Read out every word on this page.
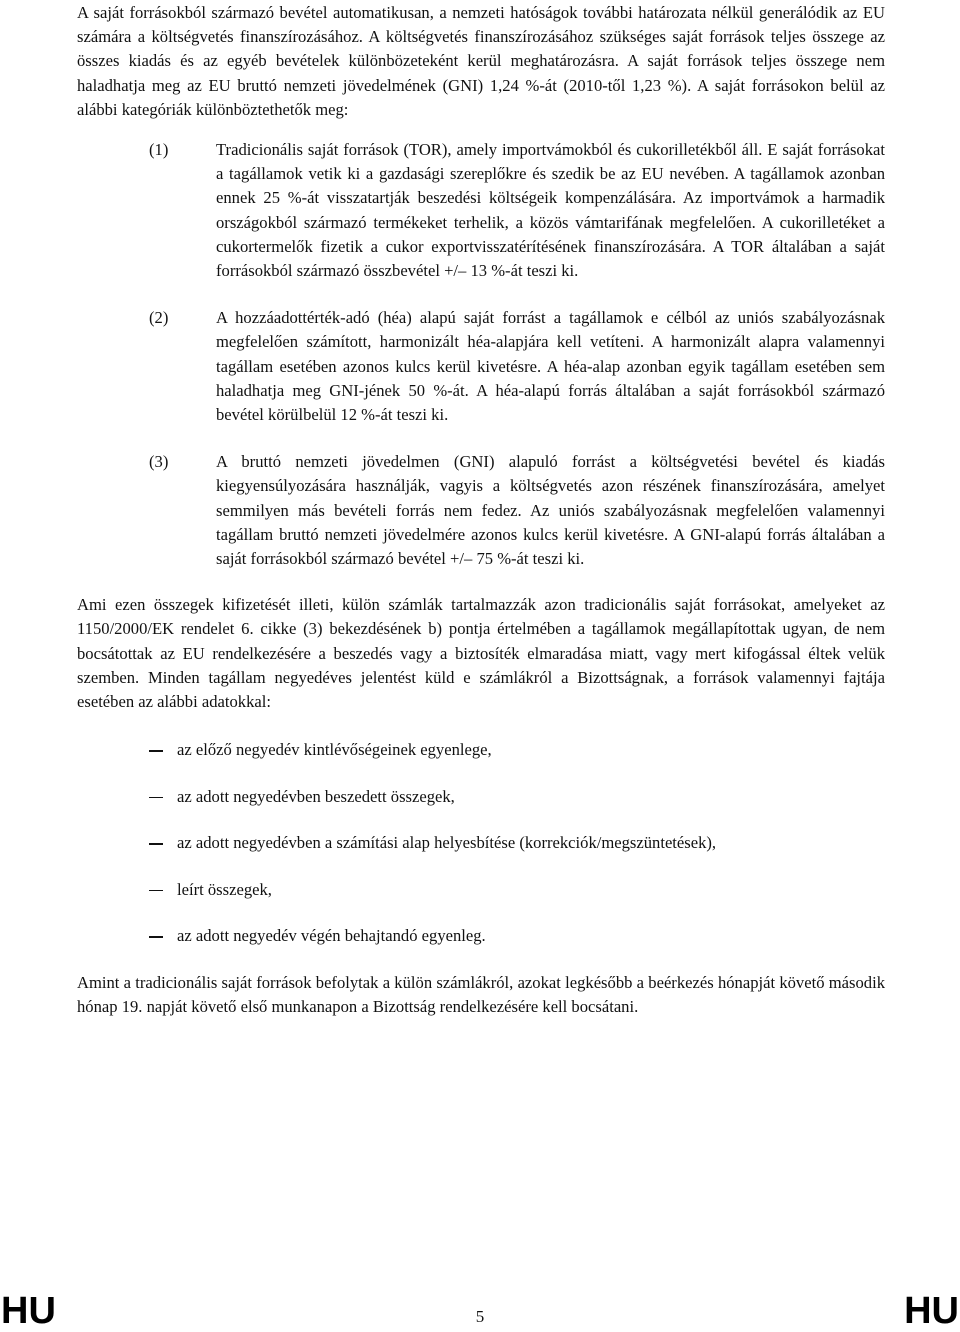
A saját forrásokból származó bevétel automatikusan, a nemzeti hatóságok további határozata nélkül generálódik az EU számára a költségvetés finanszírozásához. A költségvetés finanszírozásához szükséges saját források teljes összege az összes kiadás és az egyéb bevételek különbözeteként kerül meghatározásra. A saját források teljes összege nem haladhatja meg az EU bruttó nemzeti jövedelmének (GNI) 1,24 %-át (2010-től 1,23 %). A saját forrásokon belül az alábbi kategóriák különböztethetők meg:

(1)	Tradicionális saját források (TOR), amely importvámokból és cukorilletékből áll. E saját forrásokat a tagállamok vetik ki a gazdasági szereplőkre és szedik be az EU nevében. A tagállamok azonban ennek 25 %-át visszatartják beszedési költségeik kompenzálására. Az importvámok a harmadik országokból származó termékeket terhelik, a közös vámtarifának megfelelően. A cukorilletéket a cukortermelők fizetik a cukor exportvisszatérítésének finanszírozására. A TOR általában a saját forrásokból származó összbevétel +/– 13 %-át teszi ki.
(2)	A hozzáadottérték-adó (héa) alapú saját forrást a tagállamok e célból az uniós szabályozásnak megfelelően számított, harmonizált héa-alapjára kell vetíteni. A harmonizált alapra valamennyi tagállam esetében azonos kulcs kerül kivetésre. A héa-alap azonban egyik tagállam esetében sem haladhatja meg GNI-jének 50 %-át. A héa-alapú forrás általában a saját forrásokból származó bevétel körülbelül 12 %-át teszi ki.
(3)	A bruttó nemzeti jövedelmen (GNI) alapuló forrást a költségvetési bevétel és kiadás kiegyensúlyozására használják, vagyis a költségvetés azon részének finanszírozására, amelyet semmilyen más bevételi forrás nem fedez. Az uniós szabályozásnak megfelelően valamennyi tagállam bruttó nemzeti jövedelmére azonos kulcs kerül kivetésre. A GNI-alapú forrás általában a saját forrásokból származó bevétel +/– 75 %-át teszi ki.

Ami ezen összegek kifizetését illeti, külön számlák tartalmazzák azon tradicionális saját forrásokat, amelyeket az 1150/2000/EK rendelet 6. cikke (3) bekezdésének b) pontja értelmében a tagállamok megállapítottak ugyan, de nem bocsátottak az EU rendelkezésére a beszedés vagy a biztosíték elmaradása miatt, vagy mert kifogással éltek velük szemben. Minden tagállam negyedéves jelentést küld e számlákról a Bizottságnak, a források valamennyi fajtája esetében az alábbi adatokkal:

az előző negyedév kintlévőségeinek egyenlege,
az adott negyedévben beszedett összegek,
az adott negyedévben a számítási alap helyesbítése (korrekciók/megszüntetések),
leírt összegek,
az adott negyedév végén behajtandó egyenleg.

Amint a tradicionális saját források befolytak a külön számlákról, azokat legkésőbb a beérkezés hónapját követő második hónap 19. napját követő első munkanapon a Bizottság rendelkezésére kell bocsátani.

HU	5	HU
